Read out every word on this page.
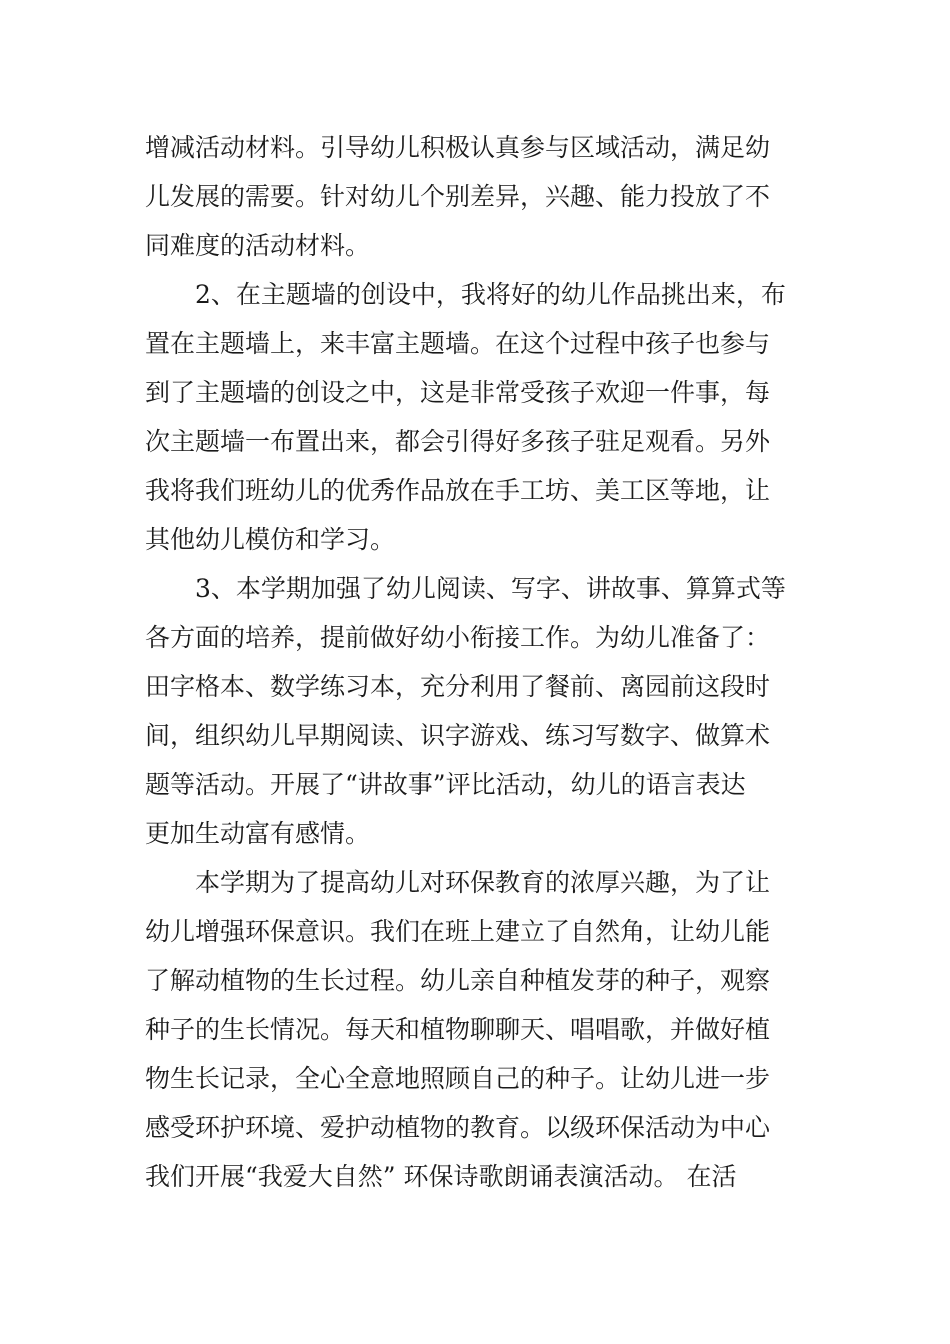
增减活动材料。引导幼儿积极认真参与区域活动，满足幼
儿发展的需要。针对幼儿个别差异，兴趣、能力投放了不
同难度的活动材料。
2、在主题墙的创设中，我将好的幼儿作品挑出来，布
置在主题墙上，来丰富主题墙。在这个过程中孩子也参与
到了主题墙的创设之中，这是非常受孩子欢迎一件事，每
次主题墙一布置出来，都会引得好多孩子驻足观看。另外
我将我们班幼儿的优秀作品放在手工坊、美工区等地，让
其他幼儿模仿和学习。
3、本学期加强了幼儿阅读、写字、讲故事、算算式等
各方面的培养，提前做好幼小衔接工作。为幼儿准备了：
田字格本、数学练习本，充分利用了餐前、离园前这段时
间，组织幼儿早期阅读、识字游戏、练习写数字、做算术
题等活动。开展了“讲故事”评比活动，幼儿的语言表达
更加生动富有感情。
本学期为了提高幼儿对环保教育的浓厚兴趣，为了让
幼儿增强环保意识。我们在班上建立了自然角，让幼儿能
了解动植物的生长过程。幼儿亲自种植发芽的种子，观察
种子的生长情况。每天和植物聊聊天、唱唱歌，并做好植
物生长记录，全心全意地照顾自己的种子。让幼儿进一步
感受环护环境、爱护动植物的教育。以级环保活动为中心
我们开展“我爱大自然” 环保诗歌朗诵表演活动。 在活
